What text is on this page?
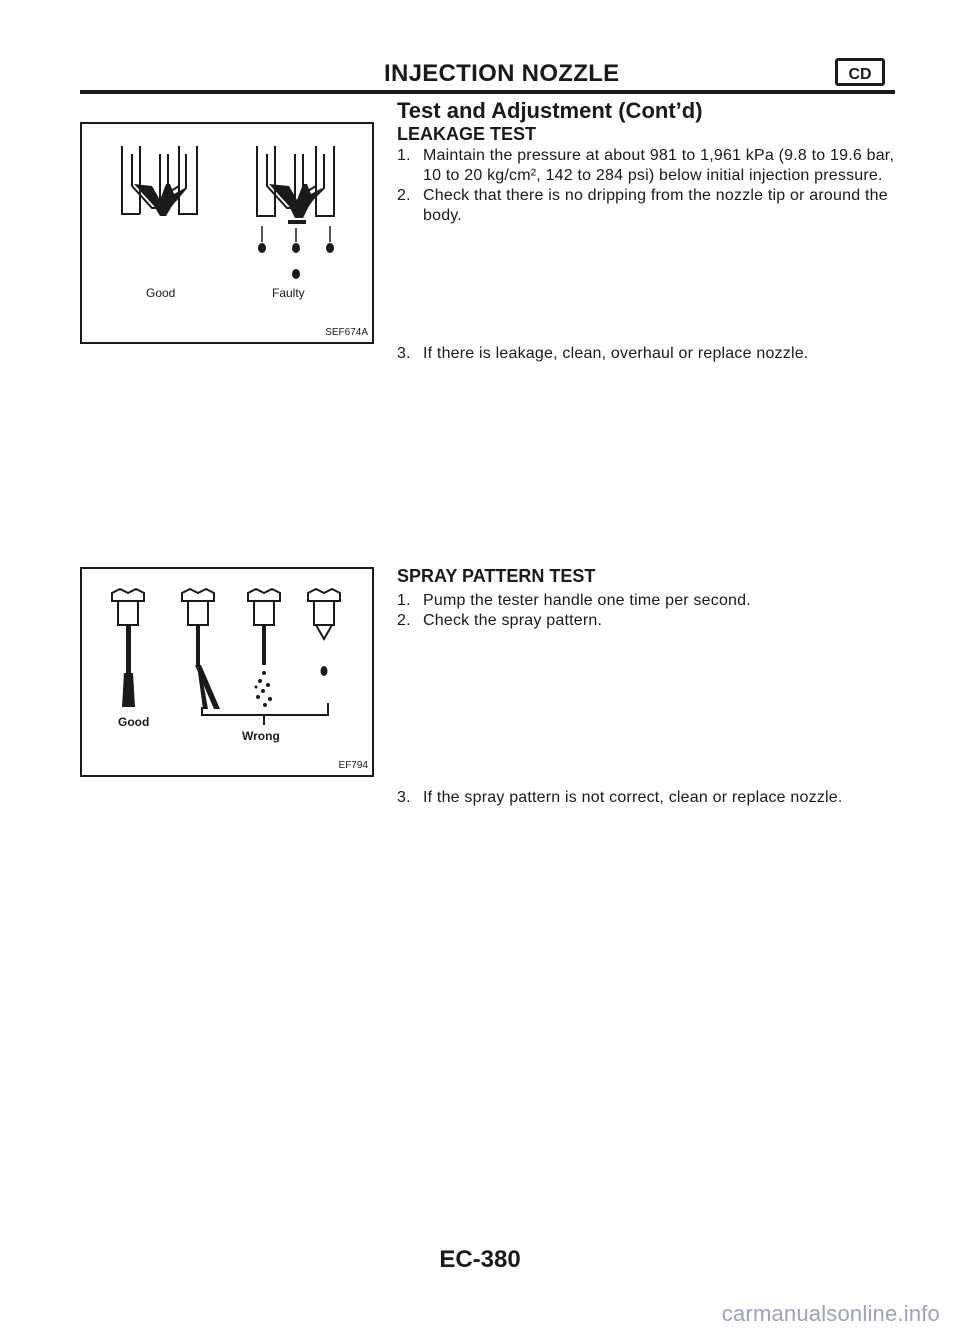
INJECTION NOZZLE	CD
Test and Adjustment (Cont’d)
Good	Faulty
SEF674A
LEAKAGE TEST
1. Maintain the pressure at about 981 to 1,961 kPa (9.8 to 19.6 bar, 10 to 20 kg/cm², 142 to 284 psi) below initial injection pressure.
2. Check that there is no dripping from the nozzle tip or around the body.
3. If there is leakage, clean, overhaul or replace nozzle.
Good
Wrong
EF794
SPRAY PATTERN TEST
1. Pump the tester handle one time per second.
2. Check the spray pattern.
3. If the spray pattern is not correct, clean or replace nozzle.
EC-380
carmanualsonline.info
